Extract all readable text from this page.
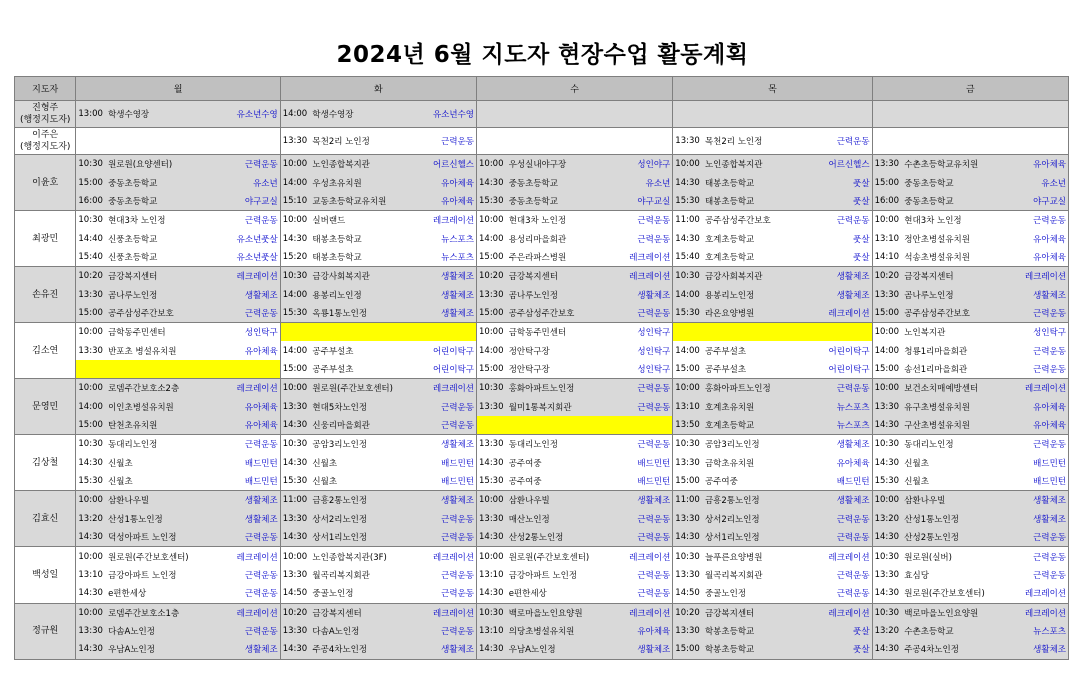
2024년 6월 지도자 현장수업 활동계획
지도자	월			화			수			목			금		
진형주
(행정지도자)	13:00	학생수영장	유소년수영	14:00	학생수영장	유소년수영									
이주은
(행정지도자)				13:30	목천2리 노인정	근력운동				13:30	목천2리 노인정	근력운동			
이윤호	10:30	원로원(요양센터)	근력운동	10:00	노인종합복지관	어르신헬스	10:00	우성실내야구장	성인야구	10:00	노인종합복지관	어르신헬스	13:30	수촌초등학교유치원	유아체육
	15:00	중동초등학교	유소년	14:00	우성초유치원	유아체육	14:30	중동초등학교	유소년	14:30	태봉초등학교	풋살	15:00	중동초등학교	유소년
	16:00	중동초등학교	야구교실	15:10	교동초등학교유치원	유아체육	15:30	중동초등학교	야구교실	15:30	태봉초등학교	풋살	16:00	중동초등학교	야구교실
최광민	10:30	현대3차 노인정	근력운동	10:00	실버랜드	레크레이션	10:00	현대3차 노인정	근력운동	11:00	공주삼성주간보호	근력운동	10:00	현대3차 노인정	근력운동
	14:40	신풍초등학교	유소년풋살	14:30	태봉초등학교	뉴스포츠	14:00	용성리마을회관	근력운동	14:30	호계초등학교	풋살	13:10	정안초병설유치원	유아체육
	15:40	신풍초등학교	유소년풋살	15:20	태봉초등학교	뉴스포츠	15:00	주은라파스병원	레크레이션	15:40	호계초등학교	풋살	14:10	석송초병설유치원	유아체육
손유진	10:20	금강복지센터	레크레이션	10:30	금강사회복지관	생활체조	10:20	금강복지센터	레크레이션	10:30	금강사회복지관	생활체조	10:20	금강복지센터	레크레이션
	13:30	곰나루노인정	생활체조	14:00	용봉리노인정	생활체조	13:30	곰나루노인정	생활체조	14:00	용봉리노인정	생활체조	13:30	곰나루노인정	생활체조
	15:00	공주삼성주간보호	근력운동	15:30	옥룡1통노인정	생활체조	15:00	공주삼성주간보호	근력운동	15:30	라온요양병원	레크레이션	15:00	공주삼성주간보호	근력운동
김소연	10:00	금학동주민센터	성인탁구				10:00	금학동주민센터	성인탁구				10:00	노인복지관	성인탁구
	13:30	반포초 병설유치원	유아체육	14:00	공주부설초	어린이탁구	14:00	정안탁구장	성인탁구	14:00	공주부설초	어린이탁구	14:00	청룡1리마을회관	근력운동
				15:00	공주부설초	어린이탁구	15:00	정안탁구장	성인탁구	15:00	공주부설초	어린이탁구	15:00	송선1리마을회관	근력운동
문영민	10:00	로뎀주간보호소2층	레크레이션	10:00	원로원(주간보호센터)	레크레이션	10:30	홍화아파트노인정	근력운동	10:00	홍화아파트노인정	근력운동	10:00	보건소치매예방센터	레크레이션
	14:00	이인초병설유치원	유아체육	13:30	현대5차노인정	근력운동	13:30	월미1통복지회관	근력운동	13:10	호계초유치원	뉴스포츠	13:30	유구초병설유치원	유아체육
	15:00	탄천초유치원	유아체육	14:30	신웅리마을회관	근력운동				13:50	호계초등학교	뉴스포츠	14:30	구산초병설유치원	유아체육
김상철	10:30	동대리노인정	근력운동	10:30	공암3리노인정	생활체조	13:30	동대리노인정	근력운동	10:30	공암3리노인정	생활체조	10:30	동대리노인정	근력운동
	14:30	신월초	배드민턴	14:30	신월초	배드민턴	14:30	공주여중	배드민턴	13:30	금학초유치원	유아체육	14:30	신월초	배드민턴
	15:30	신월초	배드민턴	15:30	신월초	배드민턴	15:30	공주여중	배드민턴	15:00	공주여중	배드민턴	15:30	신월초	배드민턴
김효신	10:00	삼환나우빌	생활체조	11:00	금흥2통노인정	생활체조	10:00	삼환나우빌	생활체조	11:00	금흥2통노인정	생활체조	10:00	삼환나우빌	생활체조
	13:20	산성1통노인정	생활체조	13:30	상서2리노인정	근력운동	13:30	매산노인정	근력운동	13:30	상서2리노인정	근력운동	13:20	산성1통노인정	생활체조
	14:30	덕성아파트 노인정	근력운동	14:30	상서1리노인정	근력운동	14:30	산성2통노인정	근력운동	14:30	상서1리노인정	근력운동	14:30	산성2통노인정	근력운동
백성일	10:00	원로원(주간보호센터)	레크레이션	10:00	노인종합복지관(3F)	레크레이션	10:00	원로원(주간보호센터)	레크레이션	10:30	늘푸른요양병원	레크레이션	10:30	원로원(실버)	근력운동
	13:10	금강아파트 노인정	근력운동	13:30	월곡리복지회관	근력운동	13:10	금강아파트 노인정	근력운동	13:30	월곡리복지회관	근력운동	13:30	효심당	근력운동
	14:30	e편한세상	근력운동	14:50	중골노인정	근력운동	14:30	e편한세상	근력운동	14:50	중골노인정	근력운동	14:30	원로원(주간보호센터)	레크레이션
정규원	10:00	로뎀주간보호소1층	레크레이션	10:20	금강복지센터	레크레이션	10:30	백로마을노인요양원	레크레이션	10:20	금강복지센터	레크레이션	10:30	백로마을노인요양원	레크레이션
	13:30	다솜A노인정	근력운동	13:30	다솜A노인정	근력운동	13:10	의당초병설유치원	유아체육	13:30	학봉초등학교	풋살	13:20	수촌초등학교	뉴스포츠
	14:30	우남A노인정	생활체조	14:30	주공4차노인정	생활체조	14:30	우남A노인정	생활체조	15:00	학봉초등학교	풋살	14:30	주공4차노인정	생활체조
